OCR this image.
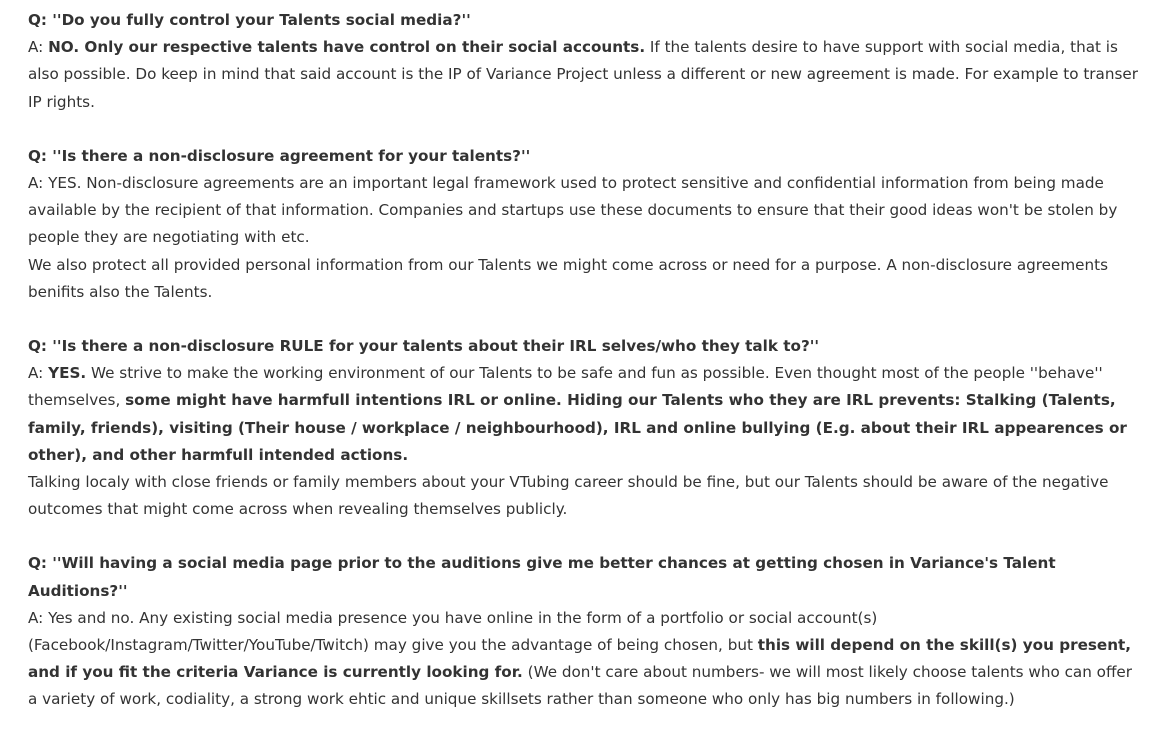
Q: ''Do you fully control your Talents social media?''

A: NO. Only our respective talents have control on their social accounts. If the talents desire to have support with social media, that is also possible. Do keep in mind that said account is the IP of Variance Project unless a different or new agreement is made. For example to transer IP rights.

Q: ''Is there a non-disclosure agreement for your talents?''

A: YES. Non-disclosure agreements are an important legal framework used to protect sensitive and confidential information from being made available by the recipient of that information. Companies and startups use these documents to ensure that their good ideas won't be stolen by people they are negotiating with etc.

We also protect all provided personal information from our Talents we might come across or need for a purpose. A non-disclosure agreements benifits also the Talents.

Q: ''Is there a non-disclosure RULE for your talents about their IRL selves/who they talk to?''

A: YES. We strive to make the working environment of our Talents to be safe and fun as possible. Even thought most of the people ''behave'' themselves, some might have harmfull intentions IRL or online. Hiding our Talents who they are IRL prevents: Stalking (Talents, family, friends), visiting (Their house / workplace / neighbourhood), IRL and online bullying (E.g. about their IRL appearences or other), and other harmfull intended actions.

Talking localy with close friends or family members about your VTubing career should be fine, but our Talents should be aware of the negative outcomes that might come across when revealing themselves publicly.

Q: ''Will having a social media page prior to the auditions give me better chances at getting chosen in Variance's Talent Auditions?''

A: Yes and no. Any existing social media presence you have online in the form of a portfolio or social account(s) (Facebook/Instagram/Twitter/YouTube/Twitch) may give you the advantage of being chosen, but this will depend on the skill(s) you present, and if you fit the criteria Variance is currently looking for. (We don't care about numbers- we will most likely choose talents who can offer a variety of work, codiality, a strong work ehtic and unique skillsets rather than someone who only has big numbers in following.)
